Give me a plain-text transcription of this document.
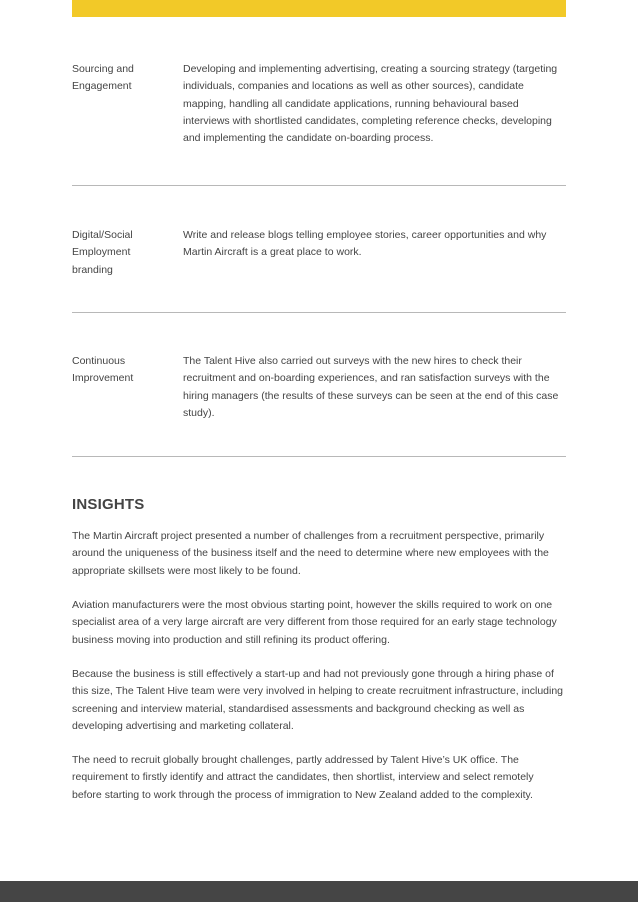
Sourcing and Engagement
Developing and implementing advertising, creating a sourcing strategy (targeting individuals, companies and locations as well as other sources), candidate mapping, handling all candidate applications, running behavioural based interviews with shortlisted candidates, completing reference checks, developing and implementing the candidate on-boarding process.
Digital/Social Employment branding
Write and release blogs telling employee stories, career opportunities and why Martin Aircraft is a great place to work.
Continuous Improvement
The Talent Hive also carried out surveys with the new hires to check their recruitment and on-boarding experiences, and ran satisfaction surveys with the hiring managers (the results of these surveys can be seen at the end of this case study).
INSIGHTS

The Martin Aircraft project presented a number of challenges from a recruitment perspective, primarily around the uniqueness of the business itself and the need to determine where new employees with the appropriate skillsets were most likely to be found.

Aviation manufacturers were the most obvious starting point, however the skills required to work on one specialist area of a very large aircraft are very different from those required for an early stage technology business moving into production and still refining its product offering.

Because the business is still effectively a start-up and had not previously gone through a hiring phase of this size, The Talent Hive team were very involved in helping to create recruitment infrastructure, including screening and interview material, standardised assessments and background checking as well as developing advertising and marketing collateral.

The need to recruit globally brought challenges, partly addressed by Talent Hive’s UK office. The requirement to firstly identify and attract the candidates, then shortlist, interview and select remotely before starting to work through the process of immigration to New Zealand added to the complexity.
